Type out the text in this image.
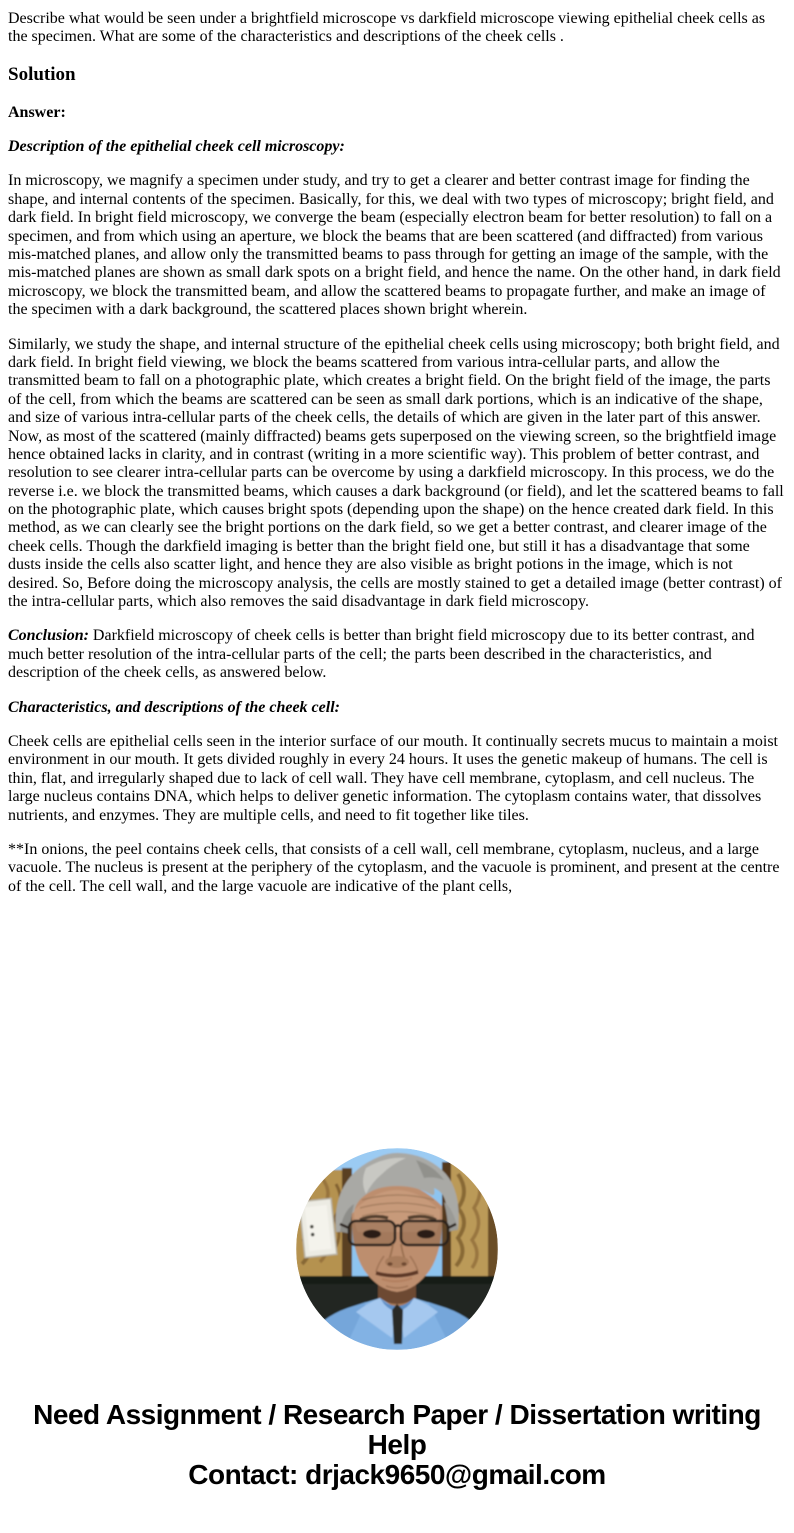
Describe what would be seen under a brightfield microscope vs darkfield microscope viewing epithelial cheek cells as the specimen. What are some of the characteristics and descriptions of the cheek cells .

Solution

Answer:

Description of the epithelial cheek cell microscopy:

In microscopy, we magnify a specimen under study, and try to get a clearer and better contrast image for finding the shape, and internal contents of the specimen. Basically, for this, we deal with two types of microscopy; bright field, and dark field. In bright field microscopy, we converge the beam (especially electron beam for better resolution) to fall on a specimen, and from which using an aperture, we block the beams that are been scattered (and diffracted) from various mis-matched planes, and allow only the transmitted beams to pass through for getting an image of the sample, with the mis-matched planes are shown as small dark spots on a bright field, and hence the name. On the other hand, in dark field microscopy, we block the transmitted beam, and allow the scattered beams to propagate further, and make an image of the specimen with a dark background, the scattered places shown bright wherein.

Similarly, we study the shape, and internal structure of the epithelial cheek cells using microscopy; both bright field, and dark field. In bright field viewing, we block the beams scattered from various intra-cellular parts, and allow the transmitted beam to fall on a photographic plate, which creates a bright field. On the bright field of the image, the parts of the cell, from which the beams are scattered can be seen as small dark portions, which is an indicative of the shape, and size of various intra-cellular parts of the cheek cells, the details of which are given in the later part of this answer. Now, as most of the scattered (mainly diffracted) beams gets superposed on the viewing screen, so the brightfield image hence obtained lacks in clarity, and in contrast (writing in a more scientific way). This problem of better contrast, and resolution to see clearer intra-cellular parts can be overcome by using a darkfield microscopy. In this process, we do the reverse i.e. we block the transmitted beams, which causes a dark background (or field), and let the scattered beams to fall on the photographic plate, which causes bright spots (depending upon the shape) on the hence created dark field. In this method, as we can clearly see the bright portions on the dark field, so we get a better contrast, and clearer image of the cheek cells. Though the darkfield imaging is better than the bright field one, but still it has a disadvantage that some dusts inside the cells also scatter light, and hence they are also visible as bright potions in the image, which is not desired. So, Before doing the microscopy analysis, the cells are mostly stained to get a detailed image (better contrast) of the intra-cellular parts, which also removes the said disadvantage in dark field microscopy.

Conclusion: Darkfield microscopy of cheek cells is better than bright field microscopy due to its better contrast, and much better resolution of the intra-cellular parts of the cell; the parts been described in the characteristics, and description of the cheek cells, as answered below.

Characteristics, and descriptions of the cheek cell:

Cheek cells are epithelial cells seen in the interior surface of our mouth. It continually secrets mucus to maintain a moist environment in our mouth. It gets divided roughly in every 24 hours. It uses the genetic makeup of humans. The cell is thin, flat, and irregularly shaped due to lack of cell wall. They have cell membrane, cytoplasm, and cell nucleus. The large nucleus contains DNA, which helps to deliver genetic information. The cytoplasm contains water, that dissolves nutrients, and enzymes. They are multiple cells, and need to fit together like tiles.

**In onions, the peel contains cheek cells, that consists of a cell wall, cell membrane, cytoplasm, nucleus, and a large vacuole. The nucleus is present at the periphery of the cytoplasm, and the vacuole is prominent, and present at the centre of the cell. The cell wall, and the large vacuole are indicative of the plant cells,

Need Assignment / Research Paper / Dissertation writing Help
Contact: drjack9650@gmail.com
